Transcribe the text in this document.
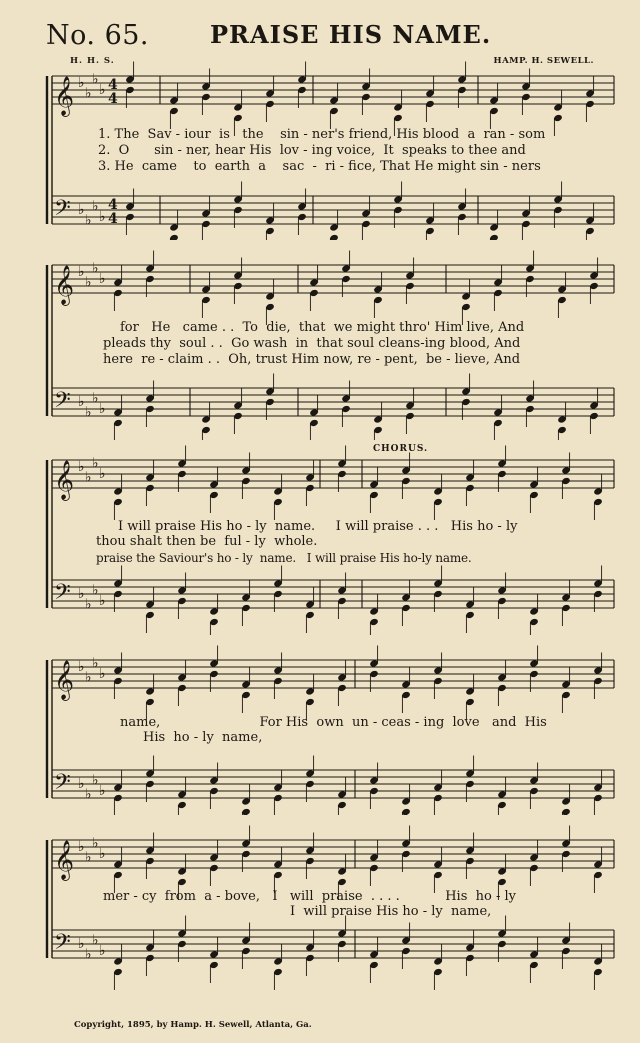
No. 65.	PRAISE HIS NAME.
H. H. S.	HAMP. H. SEWELL.
𝄞 ♭
♭
♭
♭ 4
4
𝄢 ♭
♭
♭
♭
4
4
1. The  Sav - iour  is   the    sin - ner's friend, His blood  a  ran - som
2.  O      sin - ner, hear His  lov - ing voice,  It  speaks to thee and
3. He  came    to  earth  a    sac  -  ri - fice, That He might sin - ners
𝄞 ♭
♭
♭
♭
𝄢 ♭
♭
♭
♭
for   He   came . .  To  die,  that  we might thro' Him live, And
pleads thy  soul . .  Go wash  in  that soul cleans-ing blood, And
here  re - claim . .  Oh, trust Him now, re - pent,  be - lieve, And
CHORUS.
𝄞 ♭
♭
♭
♭
𝄢 ♭
♭
♭
♭
I will praise His ho - ly  name.     I will praise . . .   His ho - ly
thou shalt then be  ful - ly  whole.
praise the Saviour's ho - ly  name.   I will praise His ho-ly name.
𝄞 ♭
♭
♭
♭
𝄢 ♭
♭
♭
♭
name,                        For His  own  un - ceas - ing  love   and  His
His  ho - ly  name,
𝄞 ♭
♭
♭
♭
𝄢 ♭
♭
♭
♭
mer - cy  from  a - bove,   I   will  praise  . . . .           His  ho - ly
I  will praise His ho - ly  name,
Copyright, 1895, by Hamp. H. Sewell, Atlanta, Ga.
